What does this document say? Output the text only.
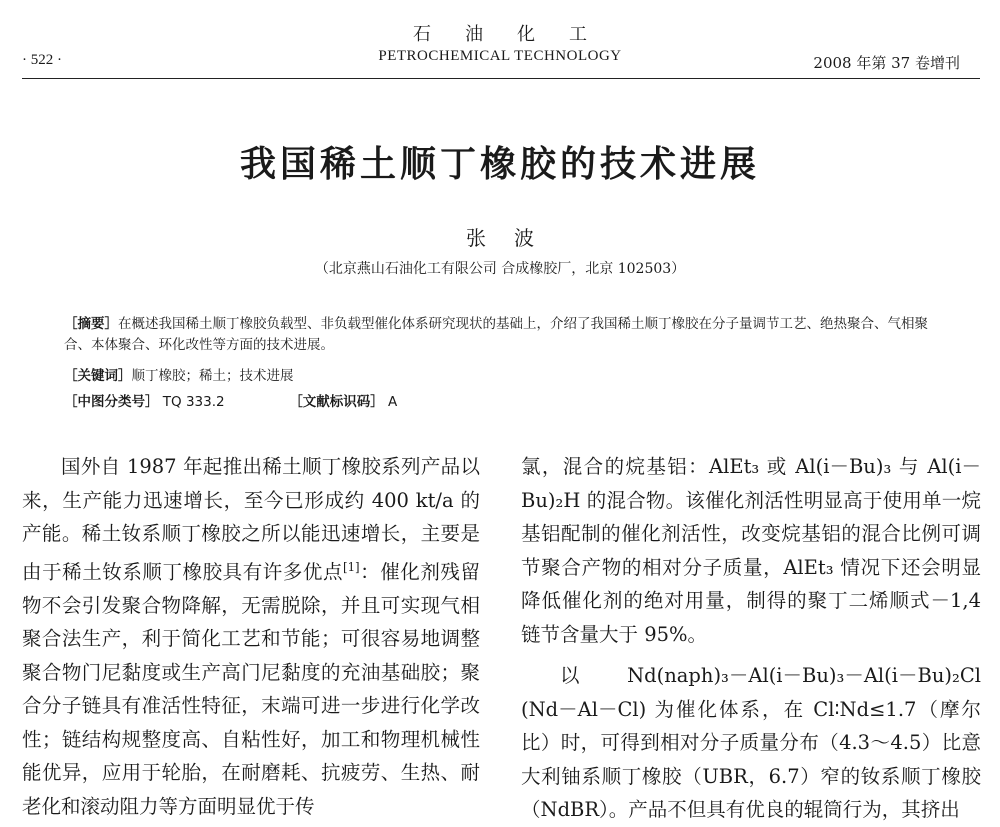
石油化工
PETROCHEMICAL TECHNOLOGY
· 522 ·	2008 年第 37 卷增刊
我国稀土顺丁橡胶的技术进展
张波
（北京燕山石油化工有限公司 合成橡胶厂，北京 102503）
［摘要］在概述我国稀土顺丁橡胶负载型、非负载型催化体系研究现状的基础上，介绍了我国稀土顺丁橡胶在分子量调节工艺、绝热聚合、气相聚合、本体聚合、环化改性等方面的技术进展。
［关键词］顺丁橡胶；稀土；技术进展
［中图分类号］ TQ 333.2	［文献标识码］ A

国外自 1987 年起推出稀土顺丁橡胶系列产品以来，生产能力迅速增长，至今已形成约 400 kt/a 的产能。稀土钕系顺丁橡胶之所以能迅速增长，主要是由于稀土钕系顺丁橡胶具有许多优点[1]：催化剂残留物不会引发聚合物降解，无需脱除，并且可实现气相聚合法生产，利于简化工艺和节能；可很容易地调整聚合物门尼黏度或生产高门尼黏度的充油基础胶；聚合分子链具有准活性特征，末端可进一步进行化学改性；链结构规整度高、自粘性好，加工和物理机械性能优异，应用于轮胎，在耐磨耗、抗疲劳、生热、耐老化和滚动阻力等方面明显优于传

氯，混合的烷基铝：AlEt₃ 或 Al(i－Bu)₃ 与 Al(i－Bu)₂H 的混合物。该催化剂活性明显高于使用单一烷基铝配制的催化剂活性，改变烷基铝的混合比例可调节聚合产物的相对分子质量，AlEt₃ 情况下还会明显降低催化剂的绝对用量，制得的聚丁二烯顺式－1,4 链节含量大于 95%。

以 Nd(naph)₃－Al(i－Bu)₃－Al(i－Bu)₂Cl (Nd－Al－Cl) 为催化体系，在 Cl∶Nd≤1.7（摩尔比）时，可得到相对分子质量分布（4.3～4.5）比意大利铀系顺丁橡胶（UBR，6.7）窄的钕系顺丁橡胶（NdBR）。产品不但具有优良的辊筒行为，其挤出
